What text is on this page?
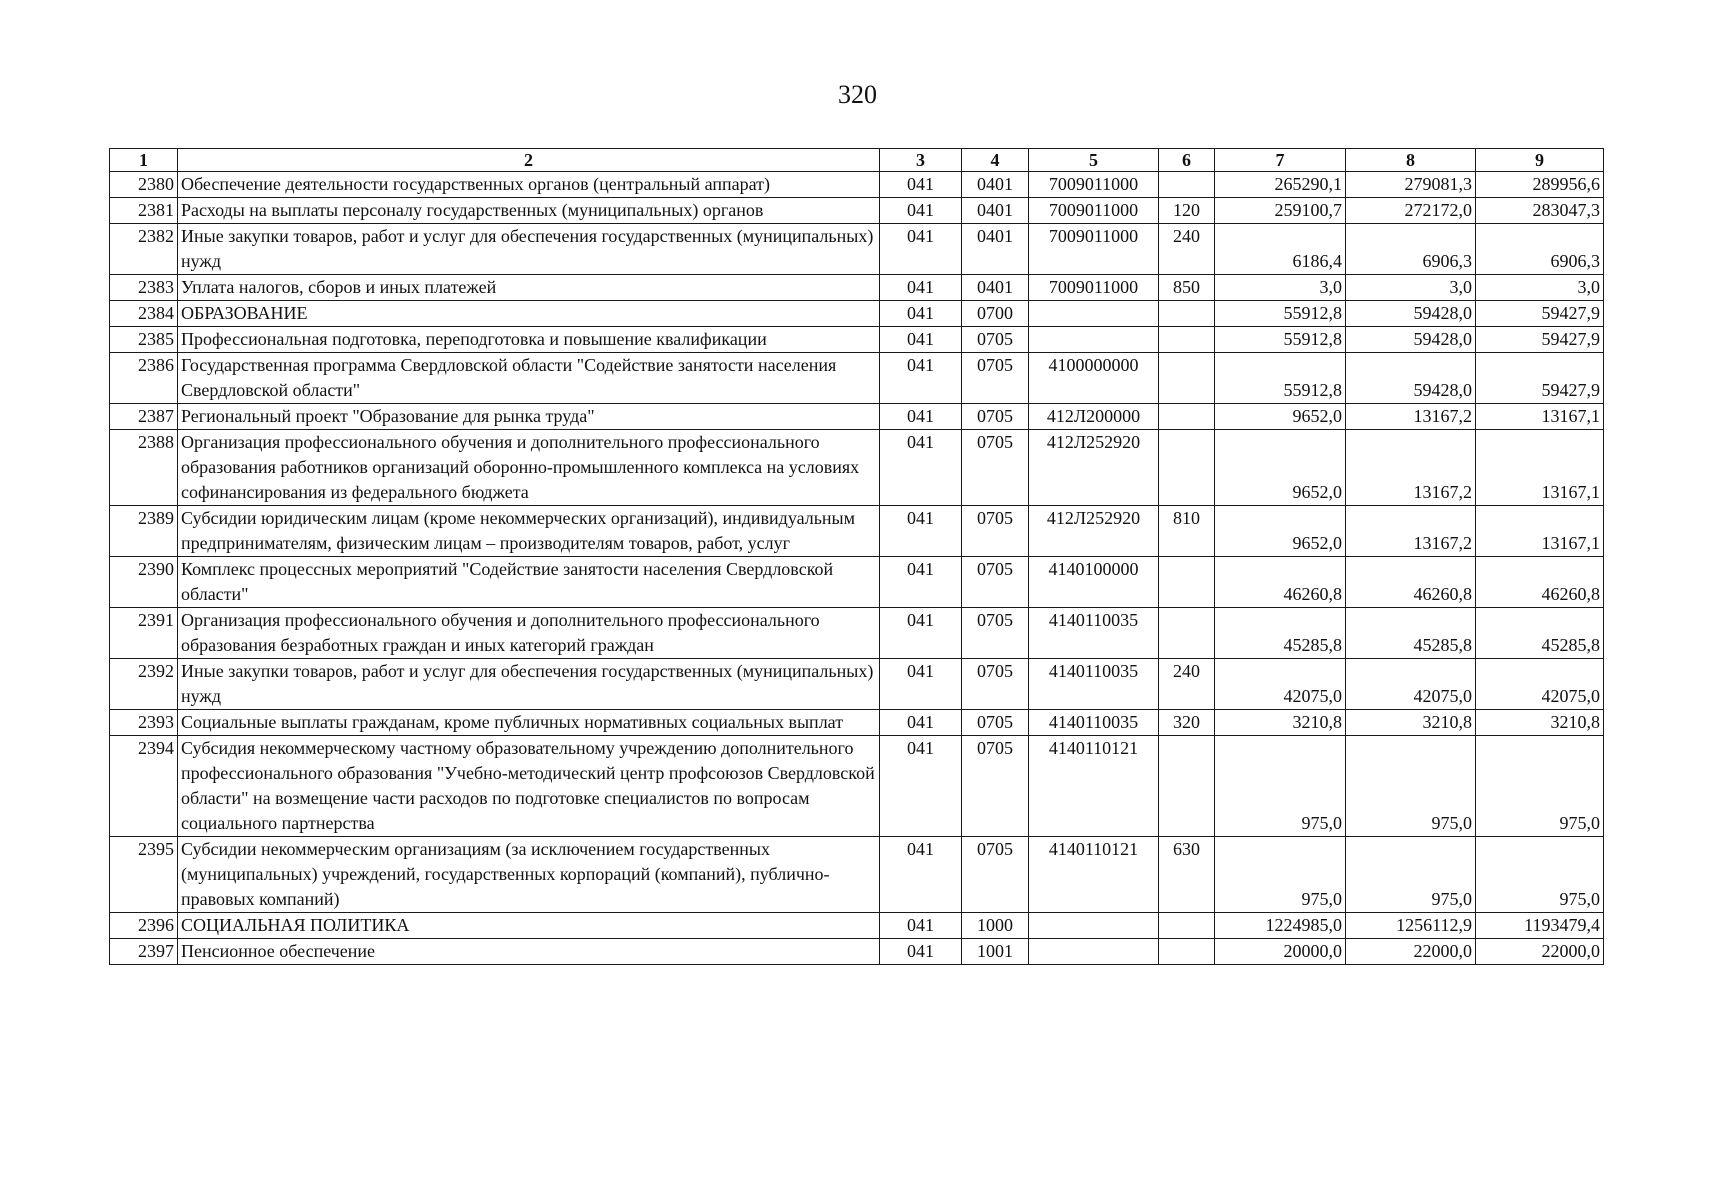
320
1	2	3	4	5	6	7	8	9
2380	Обеспечение деятельности государственных органов (центральный аппарат)	041	0401	7009011000		265290,1	279081,3	289956,6
2381	Расходы на выплаты персоналу государственных (муниципальных) органов	041	0401	7009011000	120	259100,7	272172,0	283047,3
2382	Иные закупки товаров, работ и услуг для обеспечения государственных (муниципальных) нужд	041	0401	7009011000	240	6186,4	6906,3	6906,3
2383	Уплата налогов, сборов и иных платежей	041	0401	7009011000	850	3,0	3,0	3,0
2384	ОБРАЗОВАНИЕ	041	0700			55912,8	59428,0	59427,9
2385	Профессиональная подготовка, переподготовка и повышение квалификации	041	0705			55912,8	59428,0	59427,9
2386	Государственная программа Свердловской области "Содействие занятости населения Свердловской области"	041	0705	4100000000		55912,8	59428,0	59427,9
2387	Региональный проект "Образование для рынка труда"	041	0705	412Л200000		9652,0	13167,2	13167,1
2388	Организация профессионального обучения и дополнительного профессионального образования работников организаций оборонно-промышленного комплекса на условиях софинансирования из федерального бюджета	041	0705	412Л252920		9652,0	13167,2	13167,1
2389	Субсидии юридическим лицам (кроме некоммерческих организаций), индивидуальным предпринимателям, физическим лицам – производителям товаров, работ, услуг	041	0705	412Л252920	810	9652,0	13167,2	13167,1
2390	Комплекс процессных мероприятий "Содействие занятости населения Свердловской области"	041	0705	4140100000		46260,8	46260,8	46260,8
2391	Организация профессионального обучения и дополнительного профессионального образования безработных граждан и иных категорий граждан	041	0705	4140110035		45285,8	45285,8	45285,8
2392	Иные закупки товаров, работ и услуг для обеспечения государственных (муниципальных) нужд	041	0705	4140110035	240	42075,0	42075,0	42075,0
2393	Социальные выплаты гражданам, кроме публичных нормативных социальных выплат	041	0705	4140110035	320	3210,8	3210,8	3210,8
2394	Субсидия некоммерческому частному образовательному учреждению дополнительного профессионального образования "Учебно-методический центр профсоюзов Свердловской области" на возмещение части расходов по подготовке специалистов по вопросам социального партнерства	041	0705	4140110121		975,0	975,0	975,0
2395	Субсидии некоммерческим организациям (за исключением государственных (муниципальных) учреждений, государственных корпораций (компаний), публично-правовых компаний)	041	0705	4140110121	630	975,0	975,0	975,0
2396	СОЦИАЛЬНАЯ ПОЛИТИКА	041	1000			1224985,0	1256112,9	1193479,4
2397	Пенсионное обеспечение	041	1001			20000,0	22000,0	22000,0
